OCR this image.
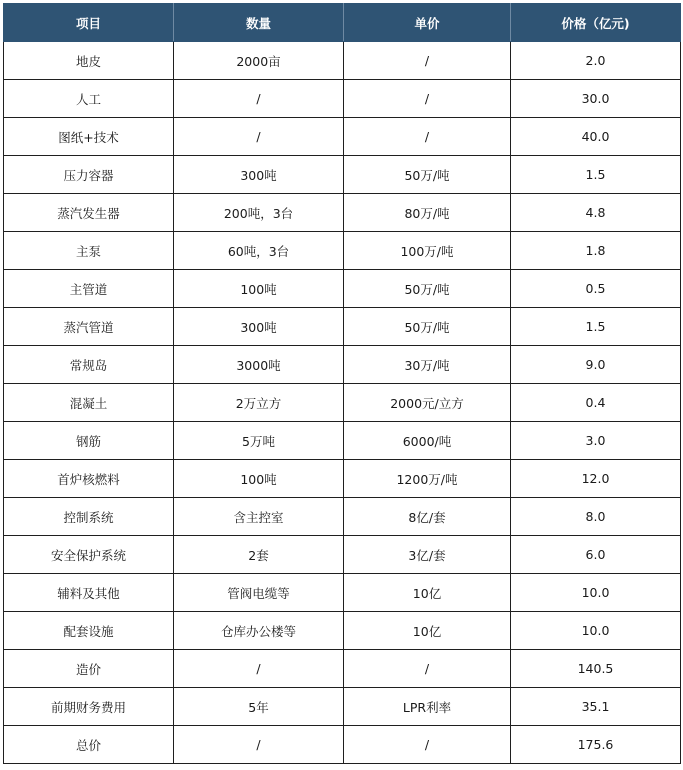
项目	数量	单价	价格（亿元)
地皮	2000亩	/	2.0
人工	/	/	30.0
图纸+技术	/	/	40.0
压力容器	300吨	50万/吨	1.5
蒸汽发生器	200吨，3台	80万/吨	4.8
主泵	60吨，3台	100万/吨	1.8
主管道	100吨	50万/吨	0.5
蒸汽管道	300吨	50万/吨	1.5
常规岛	3000吨	30万/吨	9.0
混凝土	2万立方	2000元/立方	0.4
钢筋	5万吨	6000/吨	3.0
首炉核燃料	100吨	1200万/吨	12.0
控制系统	含主控室	8亿/套	8.0
安全保护系统	2套	3亿/套	6.0
辅料及其他	管阀电缆等	10亿	10.0
配套设施	仓库办公楼等	10亿	10.0
造价	/	/	140.5
前期财务费用	5年	LPR利率	35.1
总价	/	/	175.6
